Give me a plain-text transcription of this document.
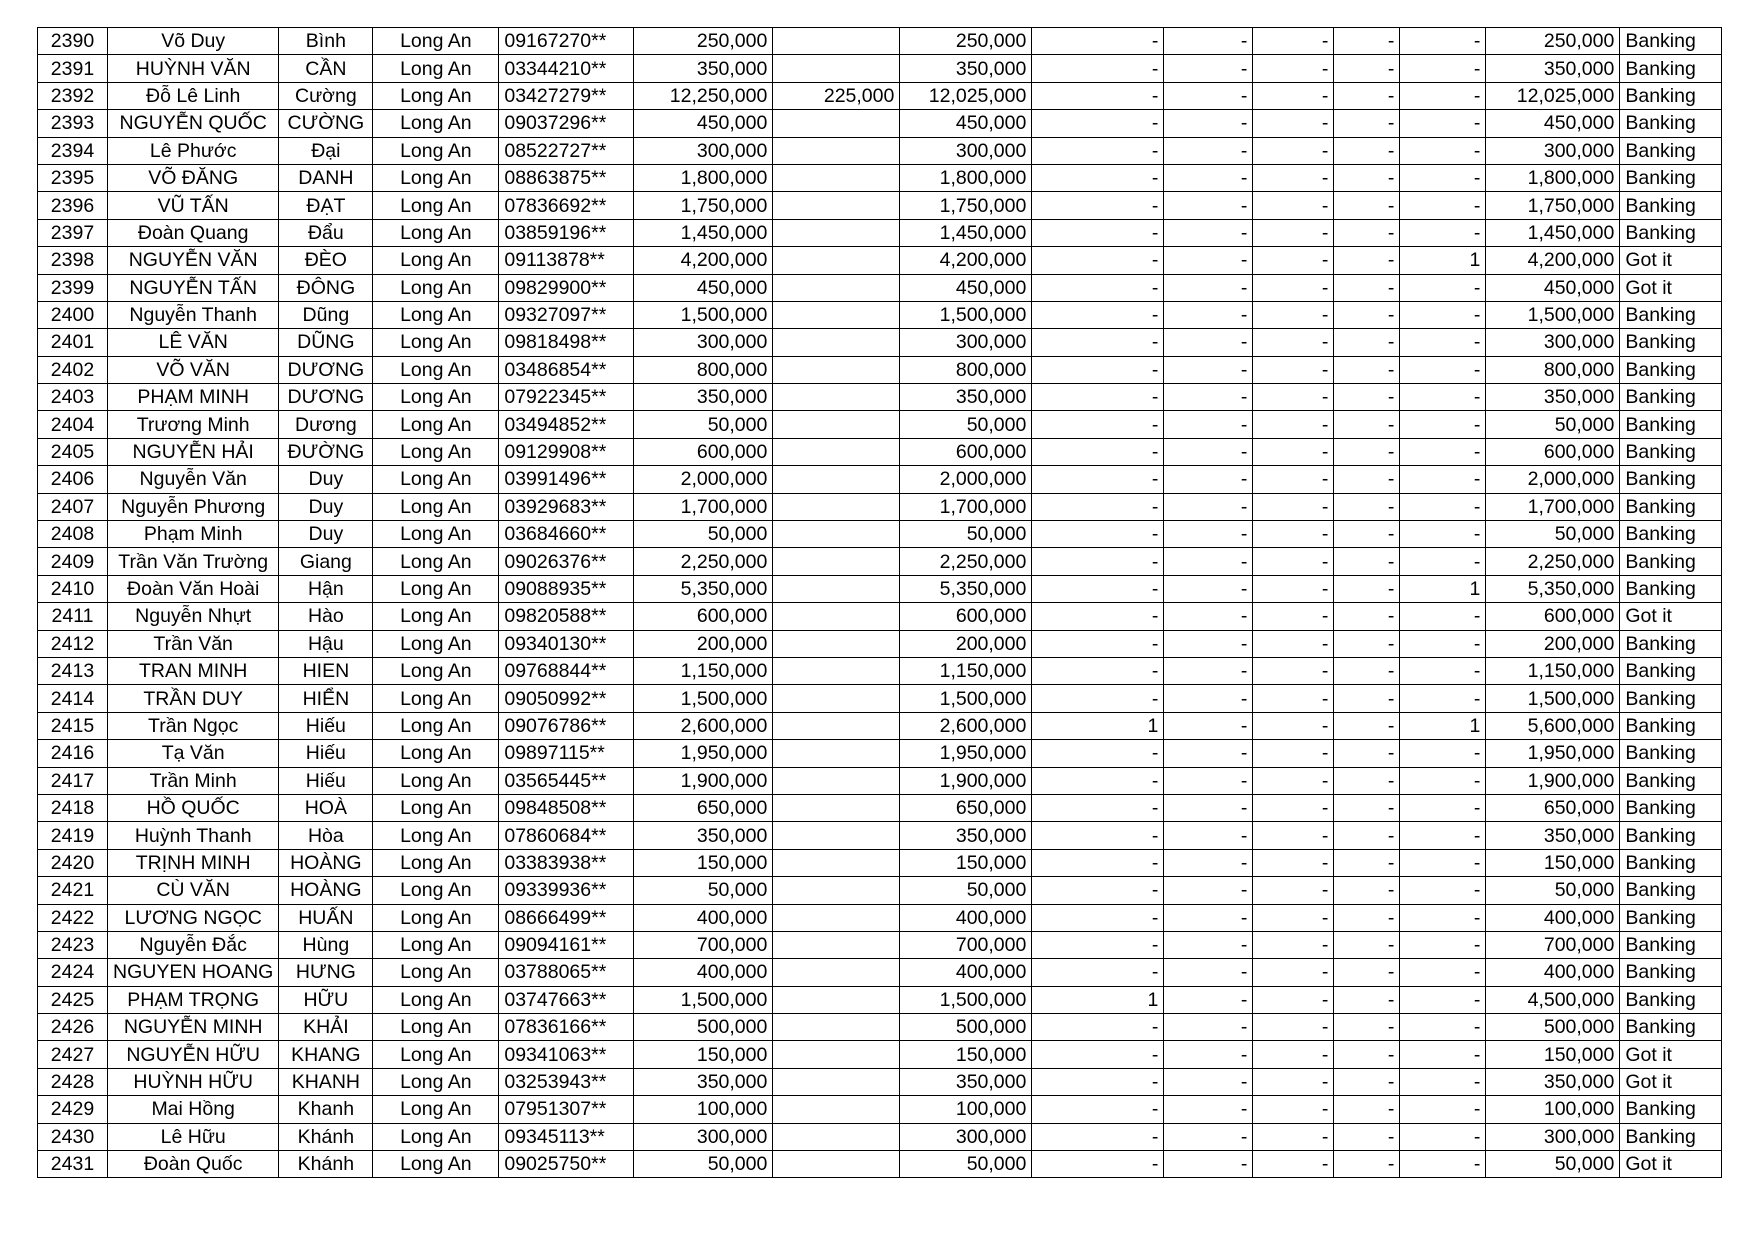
2390	Võ Duy	Bình	Long An	09167270**	250,000		250,000	-	-	-	-	-	250,000	Banking
2391	HUỲNH VĂN	CẦN	Long An	03344210**	350,000		350,000	-	-	-	-	-	350,000	Banking
2392	Đỗ Lê Linh	Cường	Long An	03427279**	12,250,000	225,000	12,025,000	-	-	-	-	-	12,025,000	Banking
2393	NGUYỄN QUỐC	CƯỜNG	Long An	09037296**	450,000		450,000	-	-	-	-	-	450,000	Banking
2394	Lê Phước	Đại	Long An	08522727**	300,000		300,000	-	-	-	-	-	300,000	Banking
2395	VÕ ĐĂNG	DANH	Long An	08863875**	1,800,000		1,800,000	-	-	-	-	-	1,800,000	Banking
2396	VŨ TẤN	ĐẠT	Long An	07836692**	1,750,000		1,750,000	-	-	-	-	-	1,750,000	Banking
2397	Đoàn Quang	Đẩu	Long An	03859196**	1,450,000		1,450,000	-	-	-	-	-	1,450,000	Banking
2398	NGUYỄN VĂN	ĐÈO	Long An	09113878**	4,200,000		4,200,000	-	-	-	-	1	4,200,000	Got it
2399	NGUYỄN TẤN	ĐÔNG	Long An	09829900**	450,000		450,000	-	-	-	-	-	450,000	Got it
2400	Nguyễn Thanh	Dũng	Long An	09327097**	1,500,000		1,500,000	-	-	-	-	-	1,500,000	Banking
2401	LÊ VĂN	DŨNG	Long An	09818498**	300,000		300,000	-	-	-	-	-	300,000	Banking
2402	VÕ VĂN	DƯƠNG	Long An	03486854**	800,000		800,000	-	-	-	-	-	800,000	Banking
2403	PHẠM MINH	DƯƠNG	Long An	07922345**	350,000		350,000	-	-	-	-	-	350,000	Banking
2404	Trương Minh	Dương	Long An	03494852**	50,000		50,000	-	-	-	-	-	50,000	Banking
2405	NGUYỄN HẢI	ĐƯỜNG	Long An	09129908**	600,000		600,000	-	-	-	-	-	600,000	Banking
2406	Nguyễn Văn	Duy	Long An	03991496**	2,000,000		2,000,000	-	-	-	-	-	2,000,000	Banking
2407	Nguyễn Phương	Duy	Long An	03929683**	1,700,000		1,700,000	-	-	-	-	-	1,700,000	Banking
2408	Phạm Minh	Duy	Long An	03684660**	50,000		50,000	-	-	-	-	-	50,000	Banking
2409	Trần Văn Trường	Giang	Long An	09026376**	2,250,000		2,250,000	-	-	-	-	-	2,250,000	Banking
2410	Đoàn Văn Hoài	Hận	Long An	09088935**	5,350,000		5,350,000	-	-	-	-	1	5,350,000	Banking
2411	Nguyễn Nhựt	Hào	Long An	09820588**	600,000		600,000	-	-	-	-	-	600,000	Got it
2412	Trần Văn	Hậu	Long An	09340130**	200,000		200,000	-	-	-	-	-	200,000	Banking
2413	TRAN MINH	HIEN	Long An	09768844**	1,150,000		1,150,000	-	-	-	-	-	1,150,000	Banking
2414	TRẦN DUY	HIỂN	Long An	09050992**	1,500,000		1,500,000	-	-	-	-	-	1,500,000	Banking
2415	Trần Ngọc	Hiếu	Long An	09076786**	2,600,000		2,600,000	1	-	-	-	1	5,600,000	Banking
2416	Tạ Văn	Hiếu	Long An	09897115**	1,950,000		1,950,000	-	-	-	-	-	1,950,000	Banking
2417	Trần Minh	Hiếu	Long An	03565445**	1,900,000		1,900,000	-	-	-	-	-	1,900,000	Banking
2418	HỒ QUỐC	HOÀ	Long An	09848508**	650,000		650,000	-	-	-	-	-	650,000	Banking
2419	Huỳnh Thanh	Hòa	Long An	07860684**	350,000		350,000	-	-	-	-	-	350,000	Banking
2420	TRỊNH MINH	HOÀNG	Long An	03383938**	150,000		150,000	-	-	-	-	-	150,000	Banking
2421	CÙ VĂN	HOÀNG	Long An	09339936**	50,000		50,000	-	-	-	-	-	50,000	Banking
2422	LƯƠNG NGỌC	HUẤN	Long An	08666499**	400,000		400,000	-	-	-	-	-	400,000	Banking
2423	Nguyễn Đắc	Hùng	Long An	09094161**	700,000		700,000	-	-	-	-	-	700,000	Banking
2424	NGUYEN HOANG	HƯNG	Long An	03788065**	400,000		400,000	-	-	-	-	-	400,000	Banking
2425	PHẠM TRỌNG	HỮU	Long An	03747663**	1,500,000		1,500,000	1	-	-	-	-	4,500,000	Banking
2426	NGUYỄN MINH	KHẢI	Long An	07836166**	500,000		500,000	-	-	-	-	-	500,000	Banking
2427	NGUYỄN HỮU	KHANG	Long An	09341063**	150,000		150,000	-	-	-	-	-	150,000	Got it
2428	HUỲNH HỮU	KHANH	Long An	03253943**	350,000		350,000	-	-	-	-	-	350,000	Got it
2429	Mai Hồng	Khanh	Long An	07951307**	100,000		100,000	-	-	-	-	-	100,000	Banking
2430	Lê Hữu	Khánh	Long An	09345113**	300,000		300,000	-	-	-	-	-	300,000	Banking
2431	Đoàn Quốc	Khánh	Long An	09025750**	50,000		50,000	-	-	-	-	-	50,000	Got it
